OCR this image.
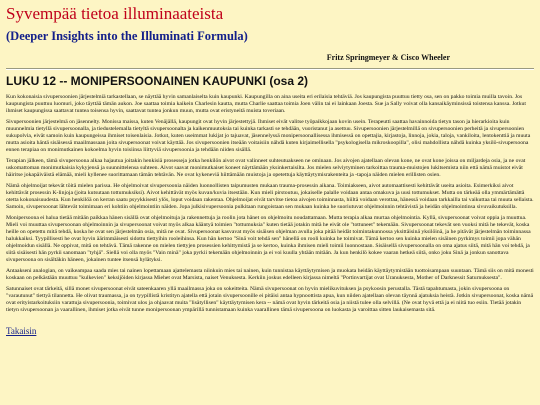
Syvempää tietoa illuminaateista
(Deeper Insights into the Illuminati Formula)
Fritz Springmeyer & Cisco Wheeler
LUKU 12 -- MONIPERSOONAINEN KAUPUNKI (osa 2)

Kun kokonaisia sivupersoonien järjestelmiä tarkastellaan, se näyttää hyvin samanlaiselta kuin kaupunki. Kaupungilla on aina useita eri erilaisia tehtäviä. Jos kaupungista puuttuu tietty osa, sen on pakko toimia muilla tavoin. Jos kaupungista puuttuu luomuri, joko täyttää tämän aukon. Joe saattaa toimia kaikein Charlesin kautta, mutta Charlie saattaa toimia Joen välin tai ei lainkaan Joesta. Sue ja Sally voivat olla kansaikäyminsissä toistensa kanssa. Jotkut ihmiset kaupungissa saattavat tuntea toisensa hyvin, saattavat tuntea jonkun muun, mutta ovat eristyneitä muista toveriaan.

Sivupersoonien järjestelmä on jäsennelty. Monissa maissa, kuten Venäjällä, kaupungit ovat hyvin järjestettyjä. Ihmiset eivät valitse työpaikkojaan kovin usein. Terapeutti saattaa havainnoida tietyn tason ja hierarkioita kuin muunnelmia tietyllä sivupersoonalla, ja tiedustelemalla tietyltä sivupersoonalta ja kaikenmuutoksia tai kuinka tarkasti se tehdään, vuoristanut ja asettuu. Sivupersoonien järjestelmillä on sivupersoonien perheitä ja sivupersoonien sukupolvia, eivät samoin kuin kaupungeissa ihmiset toisenlaisia. Jotkut, kuten useimmat lukijat jo tajuavat, jäsennelyssä monipersoonallisessa ihmisessä on opettajia, kirjastoja, linnoja, jokia, taloja, vankiloita, lentokenttiä ja muuta mutta asioita häntä sisäisessä maailmassaan joita sivupersoonat voivat käyttää. Jos sivupersoonien itseään voitaisiin nähdä kuten kirjaimellisella "psykologisella mikroskoopilla", olisi mahdollista nähdä kuinka yksilö-sivupersoona ennen terapiaa on monimutkainen kokoelma hyvin toisiinsa liittyviä sivupersoonia ja tehdään niiden sisällä.

Terapian jälkeen, tämä sivupersoona alkaa hajautua joitakin henkisiä prosesseja jotka henkilön aivot ovat valinneet suhteutuakseen ne ominaan. Jos aivojen ajatellaan olevan kone, ne ovat kone joissa on miljardeja osia, ja ne ovat uskomattoman monimutkaisia kykyjensä ja suunnittelensa suhteen. Aivot saavat monimutkaiset koneet näyttämään yksinkertaisilta. Jos mielen selviytyminen tarkoittaa trauma-muistojen lukitsemista niin että nämä muistot eivät häiritse jokapäiväistä elämää, mieli kyllenee suorittamaan tämän tehtävän. Ne ovat kykeneviä hiittämään muistoja ja opetettuja käyttäytymisrakenteita ja -tapoja näiden mielen erillisten osien.

Nämä ohjelmoijat tekevät töitä mielen parissa. He ohjelmoivat sivupersoonia näiden luonnollisten taipumusten mukaan trauma-prosessin aikana. Toimiakseen, aivot automaattisesti kehittävät useita asioita. Esimerkiksi aivot kehittävät prosessin K-linjoja (joita kutsutaan tottumuksiksi). Aivot kehittävät myös kuvan/kuvia itsestään. Kun mieli pirstoutuu, jokaiselle palalle voidaan antaa omakuva ja uusi tottumukset. Mutta on tärkeää olla ymmärtämättä otetta kokonaisuudesta. Kun henkilöä on kerran saatu psyykkisesti ylös, loput voidaan rakentaa. Ohjelmoijat eivät tarvitse tietoa aivojen toiminnasta, hiiltä voidaan verottaa, hänessä voidaan tarkkailla tai vaikuttaa tai muuta sellaista. Samoin, sivupersoonat lähtevät toimimaan eri kohtiin ohjelmointiin näiden. Jopa julkisivupersoonia pulkitaan rungoistaan sen mukaan kuinka he suoriutuvat ohjelmoinnin tehtävistä ja heidän ohjelmointinsa sivuvaikutuksilla.

Monipersoona ei halua tietää mitään paikkaa hänen sisällä ovat ohjelmoituja ja rakennettuja ja roolin jota hänet on ohjelmoitu noudattamaan. Mutta terapia alkaa murtaa ohjelmointia. Kyllä, sivupersoonat voivat oppia ja muuttua. Mieli voi muuttaa sivupersoonan ohjelmoinnin ja sivupersoonat voivat myös alkaa kääntyä toimien "tottumuksia" kuten tietää jotakin mitä he eivät ole "tottuneet" tekemään. Sivupersoonat tekevät sen vuoksi mitä he tekevät, koska heille on opetettu mitä tehdä, koska he ovat sen järjestelmän osia, mitä ne ovat. Sivupersoonat kasvavat myös sisäisen ohjelman avulla joka pitää heidät toimintakunnossa yksittäisinä yksilöinä, ja he pitävät järjestelmän toiminnassa halukkaiksi. Tyypillisesti he ovat hyvin äärimmäisesti sidottu tiettyihin rooleihinsa. Kun hän kertoo "Sinä voit tehdä sen" hänellä on rooli kuinka he toimivat. Tämä kertoo sen kuinka mielen sisäinen pyrkimys toimii jopa vähän ohjelmoidun sisällä. Ne oppivat, mitä on tehtävä. Tämä rakenne on mielen tiettyjen prosessien kehittymistä ja se kertoo, kuinka ihmisen mieli toimii luonnostaan. Sisäisellä sivupersoonalla on oma ajatus siitä, mitä hän voi tehdä, ja siitä sisäisesti hän pyrkii sanomaan "tyhjä". Siellä voi olla myös "Vain minä" joka pyrkii tekemään ohjelmoinnin ja ei voi kuulla yhtään mitään. Ja kun henkilö kokee vaaran hetkeä siitä, onko joku Sinä ja jonkun sanottava sivupersoona on sisältäkin häneen, jokainen tuntee itsensä hylätyksi.

Antaakseni analogian, on vaikeampaa saada mies tai nainen lopettamaan ajattelemasta niinkuin mies tai nainen, kuin tunnistaa käyttäytymisen ja muokata heidän käyttäytymistään tuottoisampaan suuntaan. Tämä siis on mitä monesti koskaan on pelkästään muuttuu "kulkevien" keksijöiden kirjassa Miehet ovat Marsista, naiset Venuksesta. Kerkiin joskus edelleen kirjassa nimeltä "Portinvartijat ovat Uranuksesta, Mother of Darknessit Saturnuksesta".

Satunnaiset ovat tärkeitä, sillä monet sivupersoonat eivät sateenkaaren yllä maailmassa joka on sokeitteita. Nämä sivupersoonat on hyvin mielikuvituksen ja psykoosin perustalla. Tästä tapahtumasta, jokin sivupersoona on "varautunut" tiettyä tilannetta. He olivat traumassa, ja on tyypillistä kristityn ajatella että jotain sivupersoonille ei pitäisi antaa hypnoottista apua, kun niiden ajatellaan olevan täynnä ajatuksia heistä. Jotkin sivupersoonat, koska nämä ovat erityistarkoituksiin varattuja sivupersoonia, toimivat ulos ja ohjaavat muita "lisätyllisen" käyttäytymisen kera -- nämä ovat hyvin tärkeitä osia ja niistä tulee olla selvillä. (Ne ovat hyvä että ja ei niitä tuo esiin. Tietää jotakin tietyn sivupersoonan ja vaarallinen, ihmiset jotka eivät tunne monipersoonan ympärillä tunnistamaan kuinka vaarallinen tämä sivupersoona on luokasta ja varoittaa sitten laukaisemasta sitä.

Takaisin
